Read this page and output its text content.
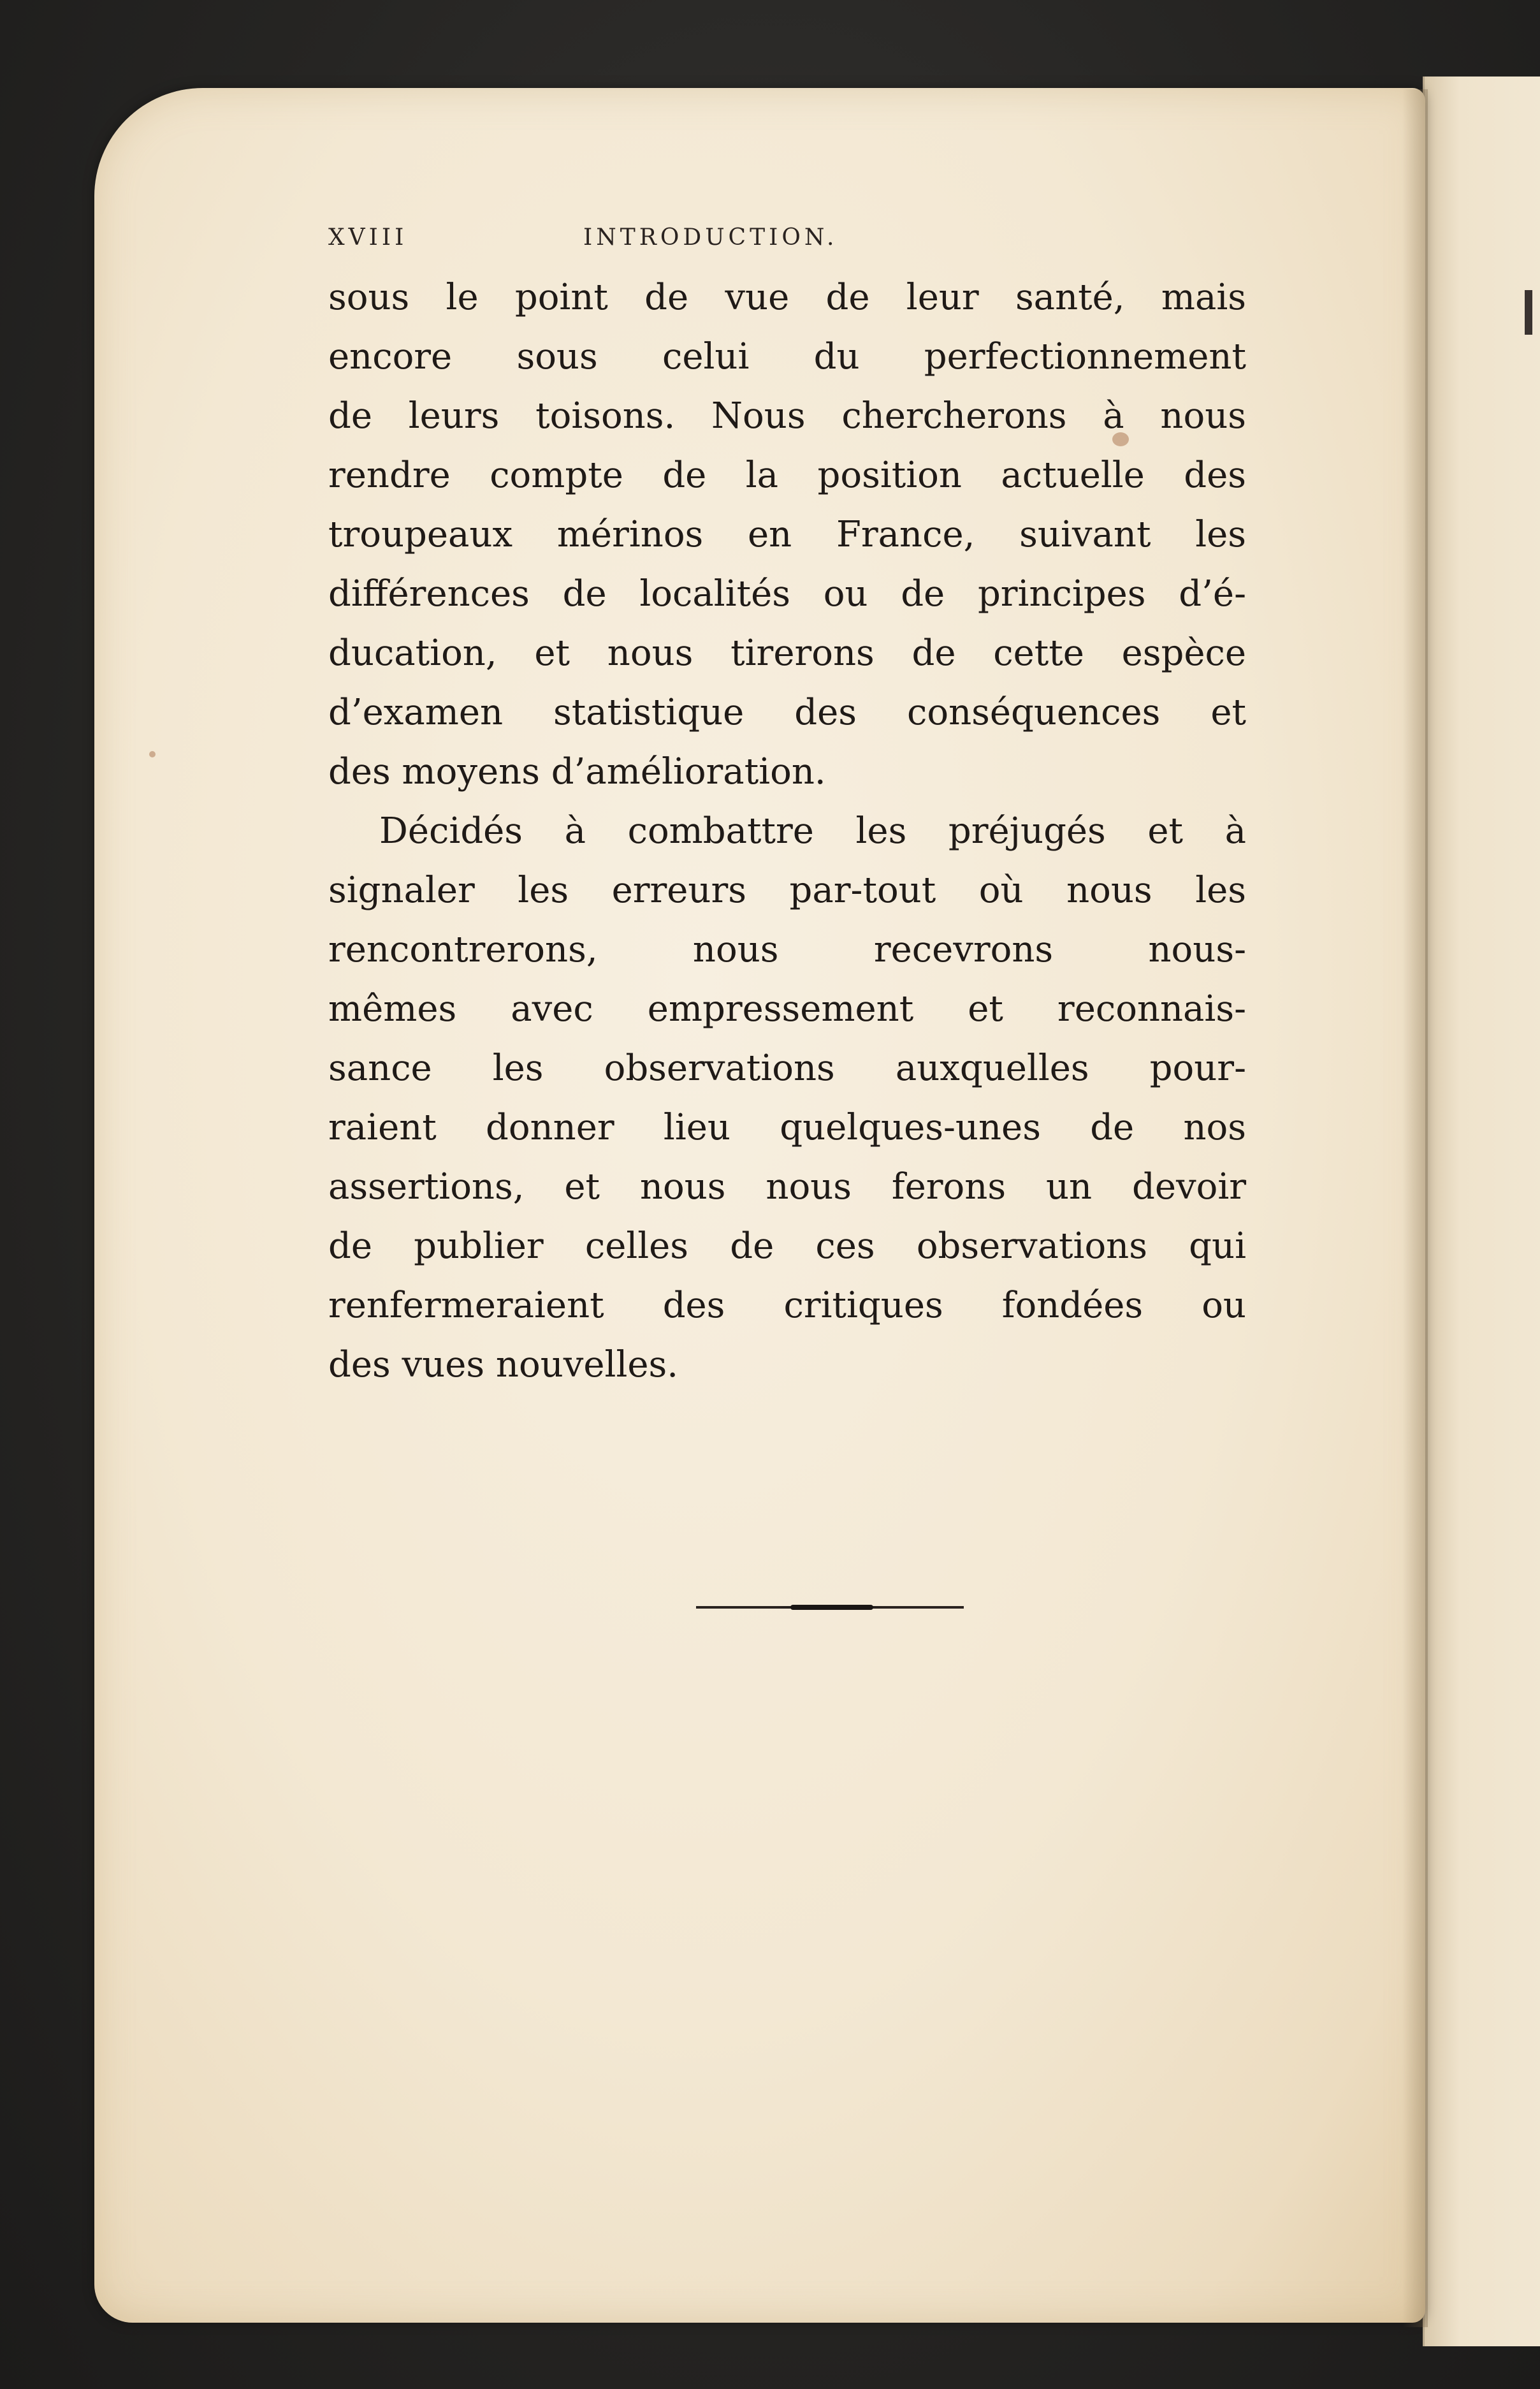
XVIII	INTRODUCTION.
sous le point de vue de leur santé, mais
encore sous celui du perfectionnement
de leurs toisons. Nous chercherons à nous
rendre compte de la position actuelle des
troupeaux mérinos en France, suivant les
différences de localités ou de principes d’é-
ducation, et nous tirerons de cette espèce
d’examen statistique des conséquences et
des moyens d’amélioration.
Décidés à combattre les préjugés et à
signaler les erreurs par-tout où nous les
rencontrerons, nous recevrons nous-
mêmes avec empressement et reconnais-
sance les observations auxquelles pour-
raient donner lieu quelques-unes de nos
assertions, et nous nous ferons un devoir
de publier celles de ces observations qui
renfermeraient des critiques fondées ou
des vues nouvelles.
